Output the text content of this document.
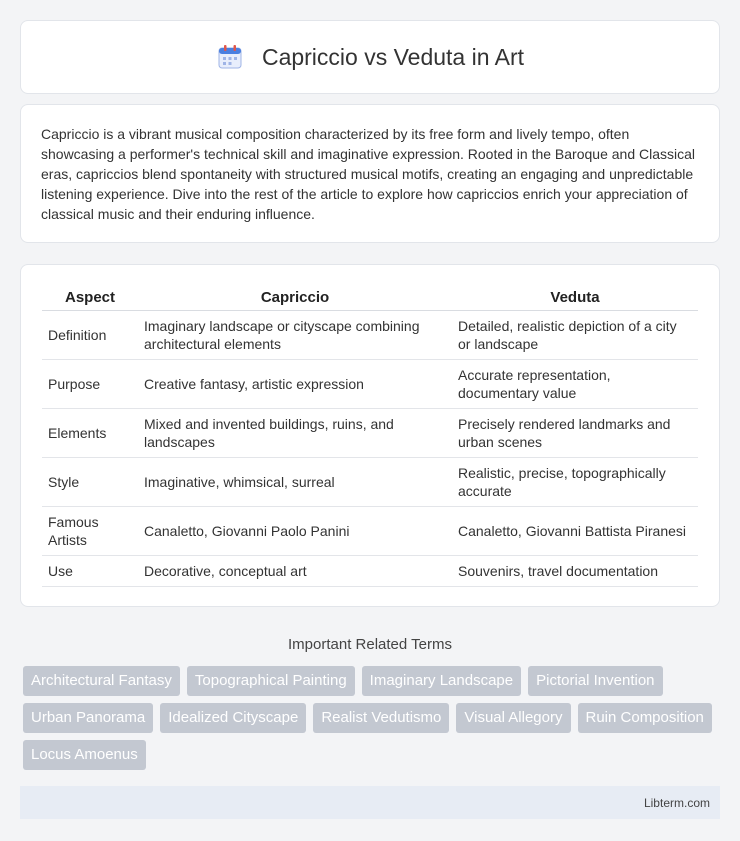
Capriccio vs Veduta in Art

Capriccio is a vibrant musical composition characterized by its free form and lively tempo, often showcasing a performer's technical skill and imaginative expression. Rooted in the Baroque and Classical eras, capriccios blend spontaneity with structured musical motifs, creating an engaging and unpredictable listening experience. Dive into the rest of the article to explore how capriccios enrich your appreciation of classical music and their enduring influence.

Aspect	Capriccio	Veduta
Definition	Imaginary landscape or cityscape combining architectural elements	Detailed, realistic depiction of a city or landscape
Purpose	Creative fantasy, artistic expression	Accurate representation, documentary value
Elements	Mixed and invented buildings, ruins, and landscapes	Precisely rendered landmarks and urban scenes
Style	Imaginative, whimsical, surreal	Realistic, precise, topographically accurate
Famous Artists	Canaletto, Giovanni Paolo Panini	Canaletto, Giovanni Battista Piranesi
Use	Decorative, conceptual art	Souvenirs, travel documentation
Important Related Terms
Architectural Fantasy	Topographical Painting	Imaginary Landscape	Pictorial Invention
Urban Panorama	Idealized Cityscape	Realist Vedutismo	Visual Allegory	Ruin Composition
Locus Amoenus
Libterm.com
